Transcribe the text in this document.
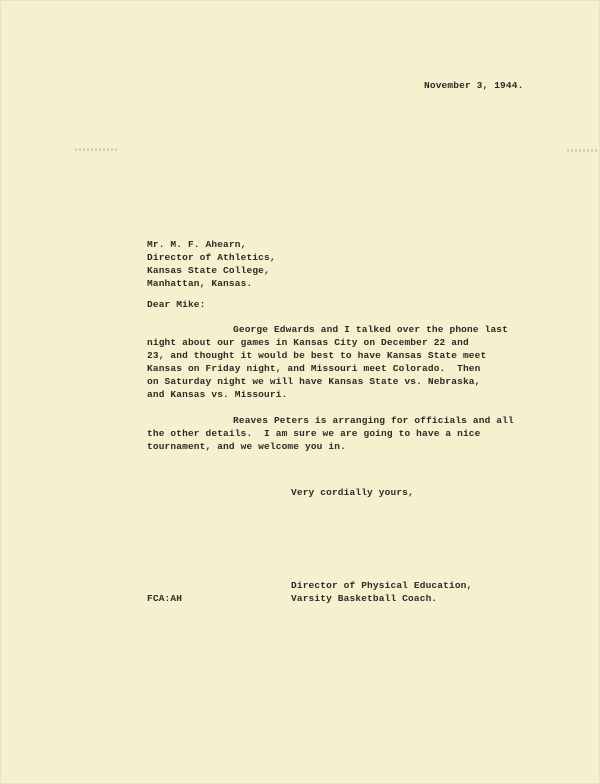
November 3, 1944.
Mr. M. F. Ahearn,
Director of Athletics,
Kansas State College,
Manhattan, Kansas.
Dear Mike:
George Edwards and I talked over the phone last
night about our games in Kansas City on December 22 and
23, and thought it would be best to have Kansas State meet
Kansas on Friday night, and Missouri meet Colorado.  Then
on Saturday night we will have Kansas State vs. Nebraska,
and Kansas vs. Missouri.
Reaves Peters is arranging for officials and all
the other details.  I am sure we are going to have a nice
tournament, and we welcome you in.
Very cordially yours,
Director of Physical Education,
Varsity Basketball Coach.
FCA:AH
